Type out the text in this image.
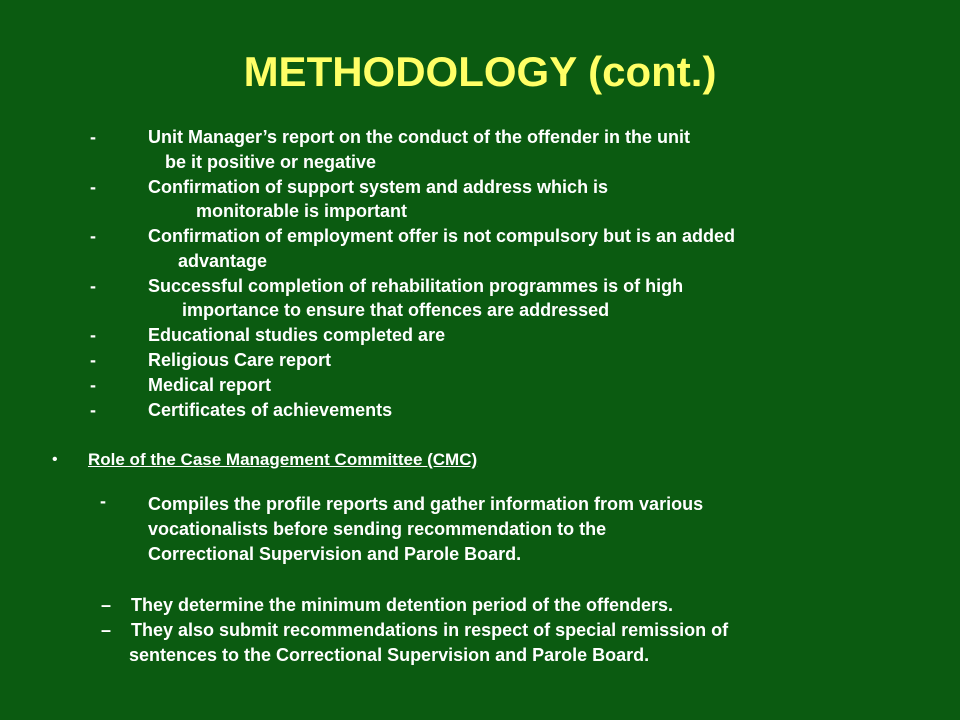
METHODOLOGY (cont.)
-	Unit Manager’s report on the conduct of the offender in the unit
be it positive or negative
-	Confirmation of support system and address which is
monitorable is important
-	Confirmation of employment offer is not compulsory but is an added
advantage
-	Successful completion of rehabilitation programmes is of high
importance to ensure that offences are addressed
-	Educational studies completed are
-	Religious Care report
-	Medical report
-	Certificates of achievements
• Role of the Case Management Committee (CMC)
- Compiles the profile reports and gather information from various
vocationalists before sending recommendation to the
Correctional Supervision and Parole Board.
– They determine the minimum detention period of the offenders.
– They also submit recommendations in respect of special remission of
sentences to the Correctional Supervision and Parole Board.
